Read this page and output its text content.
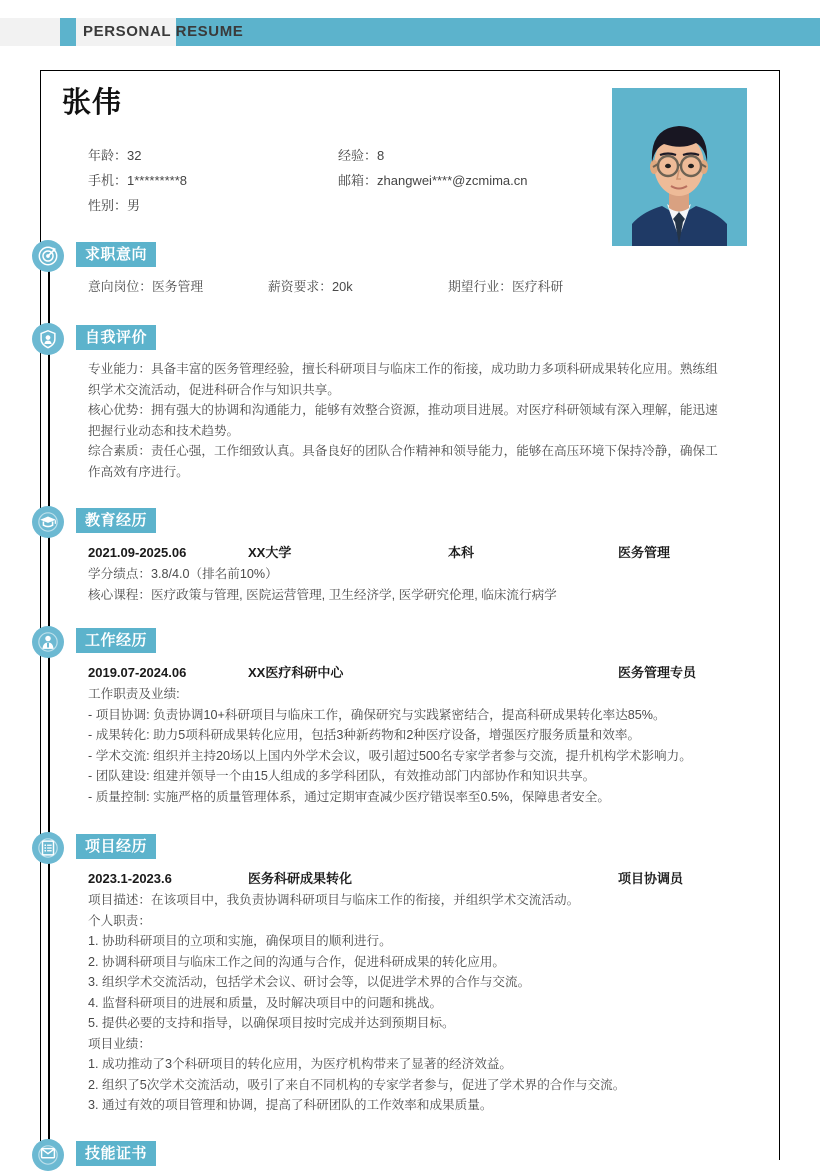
PERSONAL RESUME
张伟
年龄：32	经验：8
手机：1*********8	邮箱：zhangwei****@zcmima.cn
性别：男
求职意向
意向岗位：医务管理	薪资要求：20k	期望行业：医疗科研
自我评价
专业能力：具备丰富的医务管理经验，擅长科研项目与临床工作的衔接，成功助力多项科研成果转化应用。熟练组织学术交流活动，促进科研合作与知识共享。
核心优势：拥有强大的协调和沟通能力，能够有效整合资源，推动项目进展。对医疗科研领域有深入理解，能迅速把握行业动态和技术趋势。
综合素质：责任心强，工作细致认真。具备良好的团队合作精神和领导能力，能够在高压环境下保持冷静，确保工作高效有序进行。
教育经历
2021.09-2025.06	XX大学	本科	医务管理
学分绩点：3.8/4.0（排名前10%）
核心课程：医疗政策与管理, 医院运营管理, 卫生经济学, 医学研究伦理, 临床流行病学
工作经历
2019.07-2024.06	XX医疗科研中心	医务管理专员
工作职责及业绩:
- 项目协调: 负责协调10+科研项目与临床工作，确保研究与实践紧密结合，提高科研成果转化率达85%。
- 成果转化: 助力5项科研成果转化应用，包括3种新药物和2种医疗设备，增强医疗服务质量和效率。
- 学术交流: 组织并主持20场以上国内外学术会议，吸引超过500名专家学者参与交流，提升机构学术影响力。
- 团队建设: 组建并领导一个由15人组成的多学科团队，有效推动部门内部协作和知识共享。
- 质量控制: 实施严格的质量管理体系，通过定期审查减少医疗错误率至0.5%，保障患者安全。
项目经历
2023.1-2023.6	医务科研成果转化	项目协调员
项目描述：在该项目中，我负责协调科研项目与临床工作的衔接，并组织学术交流活动。
个人职责：
1. 协助科研项目的立项和实施，确保项目的顺利进行。
2. 协调科研项目与临床工作之间的沟通与合作，促进科研成果的转化应用。
3. 组织学术交流活动，包括学术会议、研讨会等，以促进学术界的合作与交流。
4. 监督科研项目的进展和质量，及时解决项目中的问题和挑战。
5. 提供必要的支持和指导，以确保项目按时完成并达到预期目标。
项目业绩：
1. 成功推动了3个科研项目的转化应用，为医疗机构带来了显著的经济效益。
2. 组织了5次学术交流活动，吸引了来自不同机构的专家学者参与，促进了学术界的合作与交流。
3. 通过有效的项目管理和协调，提高了科研团队的工作效率和成果质量。
技能证书
